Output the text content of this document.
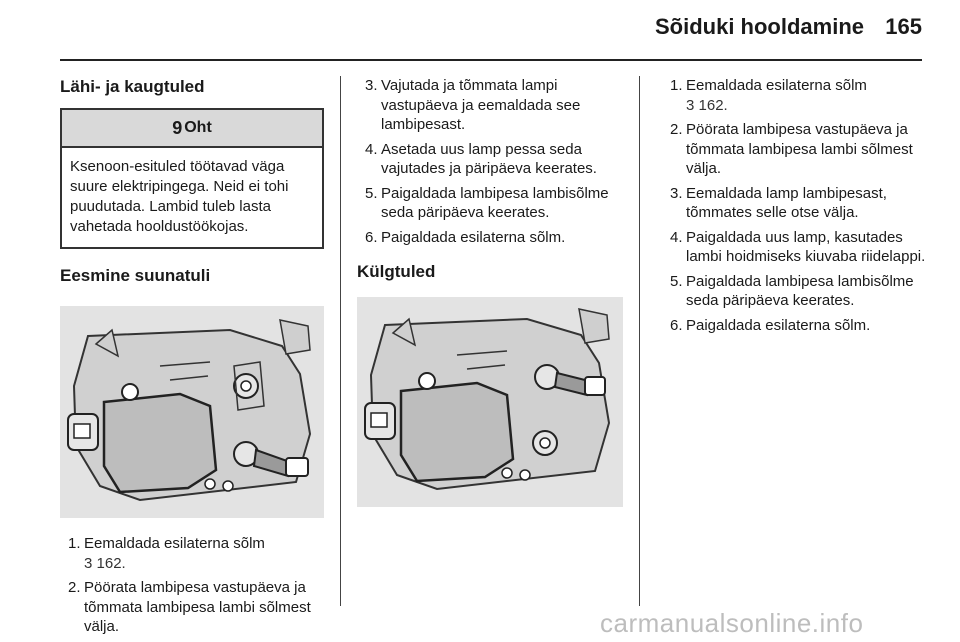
Sõiduki hooldamine 165
Lähi- ja kaugtuled
9 Oht
Ksenoon-esituled töötavad väga suure elektripingega. Neid ei tohi puudutada. Lambid tuleb lasta vahetada hooldustöökojas.
Eesmine suunatuli
1. Eemaldada esilaterna sõlm
3 162.
2. Pöörata lambipesa vastupäeva ja tõmmata lambipesa lambi sõlmest välja.
3. Vajutada ja tõmmata lampi vastupäeva ja eemaldada see lambipesast.
4. Asetada uus lamp pessa seda vajutades ja päripäeva keerates.
5. Paigaldada lambipesa lambisõlme seda päripäeva keerates.
6. Paigaldada esilaterna sõlm.
Külgtuled
1. Eemaldada esilaterna sõlm
3 162.
2. Pöörata lambipesa vastupäeva ja tõmmata lambipesa lambi sõlmest välja.
3. Eemaldada lamp lambipesast, tõmmates selle otse välja.
4. Paigaldada uus lamp, kasutades lambi hoidmiseks kiuvaba riidelappi.
5. Paigaldada lambipesa lambisõlme seda päripäeva keerates.
6. Paigaldada esilaterna sõlm.
carmanualsonline.info
